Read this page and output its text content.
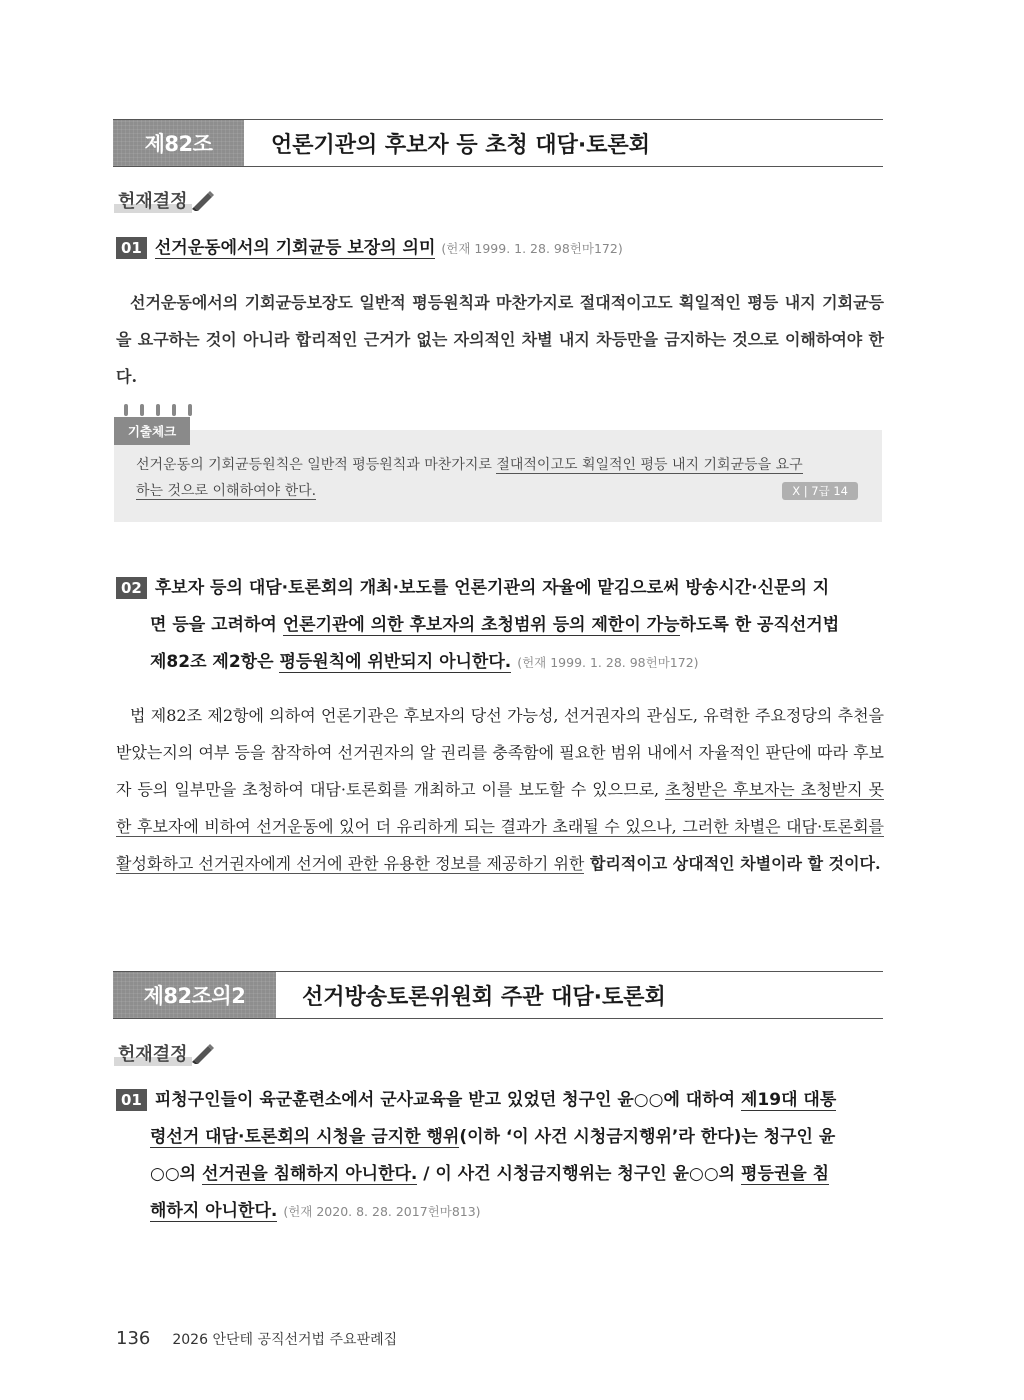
제82조	언론기관의 후보자 등 초청 대담·토론회
헌재결정
01 선거운동에서의 기회균등 보장의 의미 (헌재 1999. 1. 28. 98헌마172)
선거운동에서의 기회균등보장도 일반적 평등원칙과 마찬가지로 절대적이고도 획일적인 평등 내지 기회균등을 요구하는 것이 아니라 합리적인 근거가 없는 자의적인 차별 내지 차등만을 금지하는 것으로 이해하여야 한다.
X | 7급 14
기출체크
선거운동의 기회균등원칙은 일반적 평등원칙과 마찬가지로 절대적이고도 획일적인 평등 내지 기회균등을 요구
하는 것으로 이해하여야 한다.
02 후보자 등의 대담·토론회의 개최·보도를 언론기관의 자율에 맡김으로써 방송시간·신문의 지
면 등을 고려하여 언론기관에 의한 후보자의 초청범위 등의 제한이 가능하도록 한 공직선거법
제82조 제2항은 평등원칙에 위반되지 아니한다. (헌재 1999. 1. 28. 98헌마172)
법 제82조 제2항에 의하여 언론기관은 후보자의 당선 가능성, 선거권자의 관심도, 유력한 주요정당의 추천을 받았는지의 여부 등을 참작하여 선거권자의 알 권리를 충족함에 필요한 범위 내에서 자율적인 판단에 따라 후보자 등의 일부만을 초청하여 대담·토론회를 개최하고 이를 보도할 수 있으므로, 초청받은 후보자는 초청받지 못한 후보자에 비하여 선거운동에 있어 더 유리하게 되는 결과가 초래될 수 있으나, 그러한 차별은 대담·토론회를 활성화하고 선거권자에게 선거에 관한 유용한 정보를 제공하기 위한 합리적이고 상대적인 차별이라 할 것이다.
제82조의2	선거방송토론위원회 주관 대담·토론회
헌재결정
01 피청구인들이 육군훈련소에서 군사교육을 받고 있었던 청구인 윤○○에 대하여 제19대 대통
령선거 대담·토론회의 시청을 금지한 행위(이하 ‘이 사건 시청금지행위’라 한다)는 청구인 윤
○○의 선거권을 침해하지 아니한다. / 이 사건 시청금지행위는 청구인 윤○○의 평등권을 침
해하지 아니한다. (헌재 2020. 8. 28. 2017헌마813)
136 2026 안단테 공직선거법 주요판례집
